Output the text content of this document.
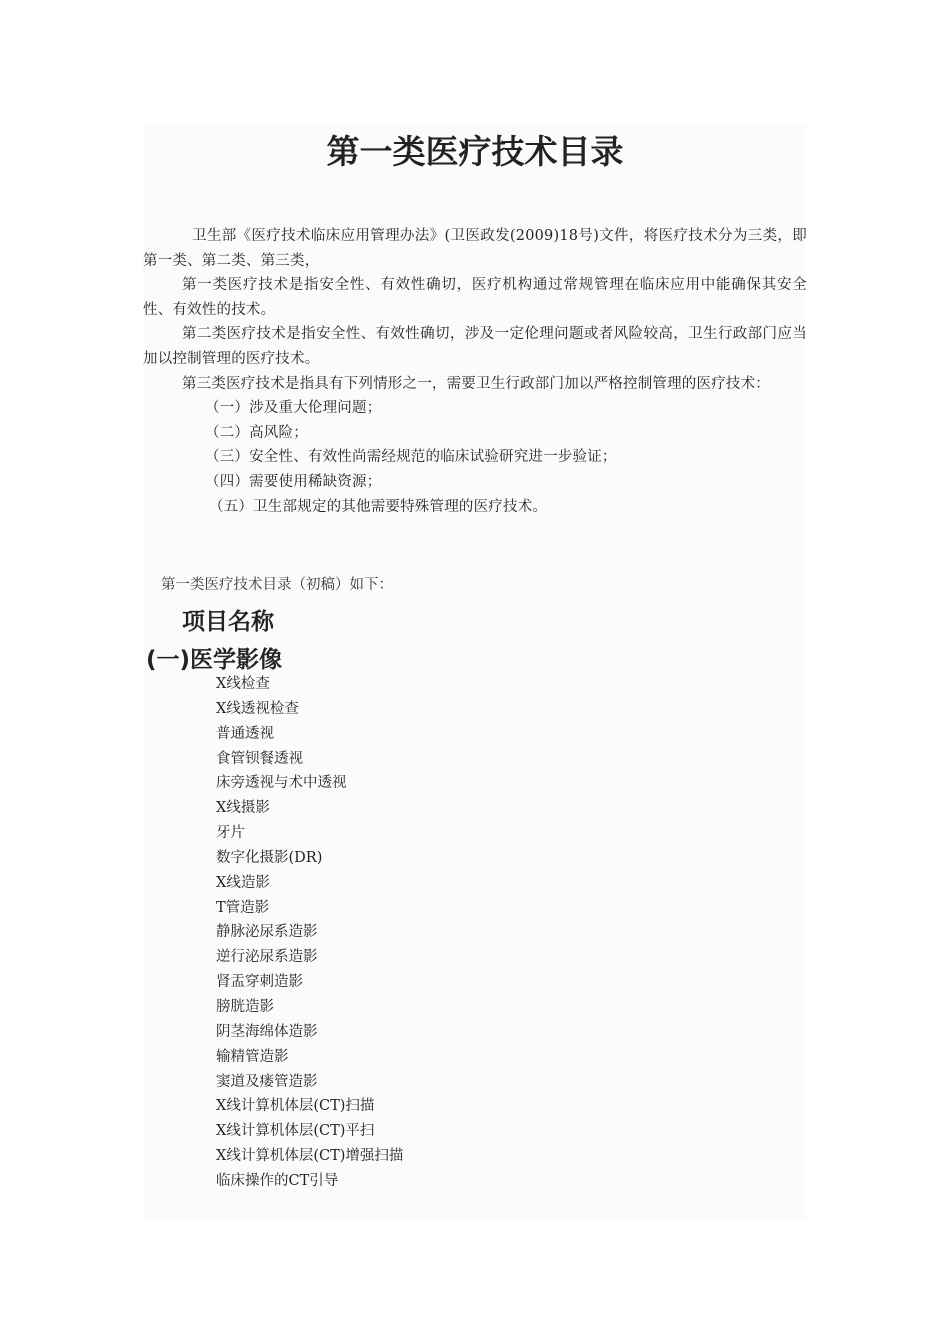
第一类医疗技术目录

卫生部《医疗技术临床应用管理办法》(卫医政发(2009)18号)文件，将医疗技术分为三类，即第一类、第二类、第三类，

第一类医疗技术是指安全性、有效性确切，医疗机构通过常规管理在临床应用中能确保其安全性、有效性的技术。

第二类医疗技术是指安全性、有效性确切，涉及一定伦理问题或者风险较高，卫生行政部门应当加以控制管理的医疗技术。

第三类医疗技术是指具有下列情形之一，需要卫生行政部门加以严格控制管理的医疗技术：

（一）涉及重大伦理问题；

（二）高风险；

（三）安全性、有效性尚需经规范的临床试验研究进一步验证；

（四）需要使用稀缺资源；

（五）卫生部规定的其他需要特殊管理的医疗技术。

第一类医疗技术目录（初稿）如下：

项目名称
(一)医学影像
X线检查
X线透视检查
普通透视
食管钡餐透视
床旁透视与术中透视
X线摄影
牙片
数字化摄影(DR)
X线造影
T管造影
静脉泌尿系造影
逆行泌尿系造影
肾盂穿刺造影
膀胱造影
阴茎海绵体造影
输精管造影
窦道及瘘管造影
X线计算机体层(CT)扫描
X线计算机体层(CT)平扫
X线计算机体层(CT)增强扫描
临床操作的CT引导
